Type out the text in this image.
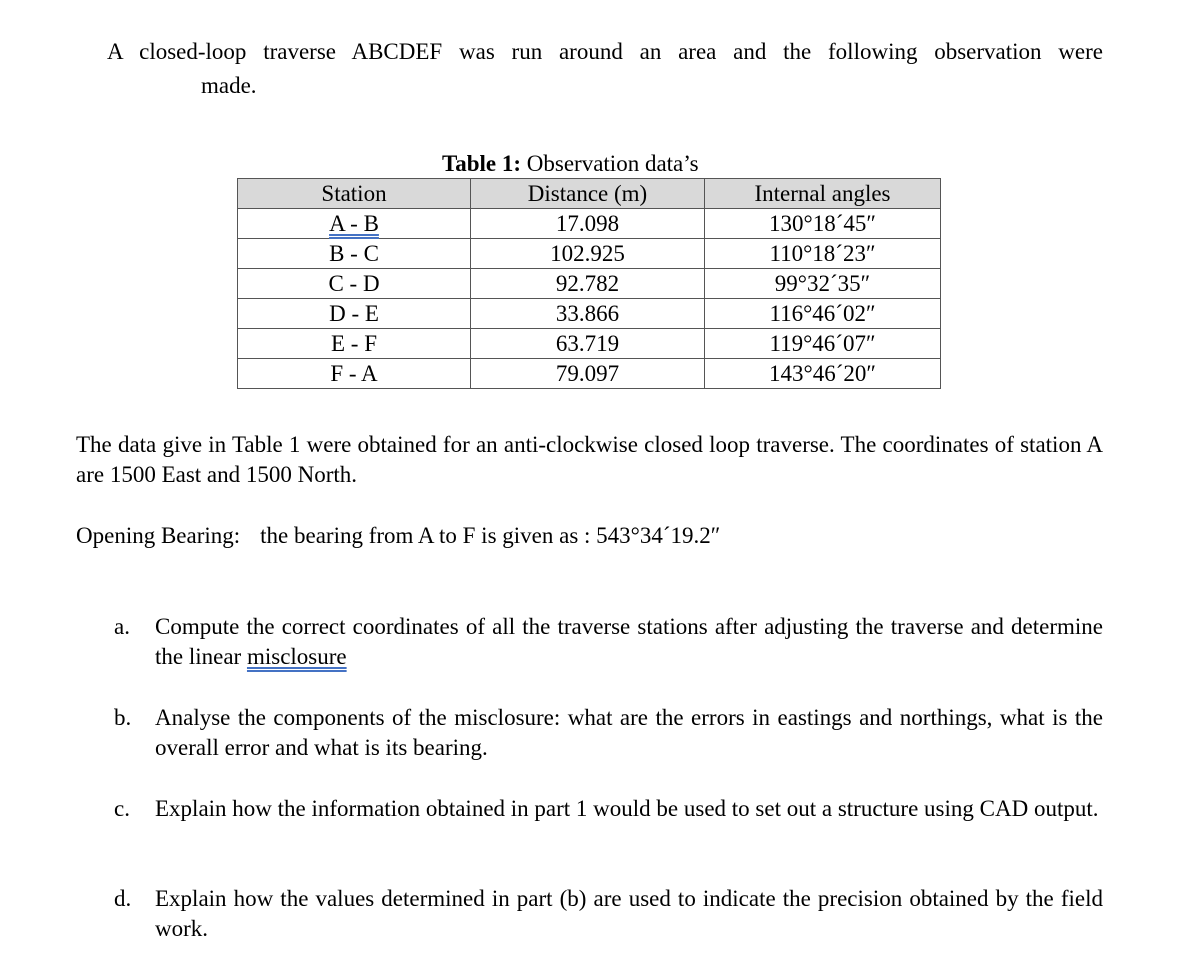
A closed-loop traverse ABCDEF was run around an area and the following observation were

made.

Table 1: Observation data’s

Station	Distance (m)	Internal angles
A - B	17.098	130°18´45″
B - C	102.925	110°18´23″
C - D	92.782	99°32´35″
D - E	33.866	116°46´02″
E - F	63.719	119°46´07″
F - A	79.097	143°46´20″

The data give in Table 1 were obtained for an anti-clockwise closed loop traverse. The coordinates of station A are 1500 East and 1500 North.

Opening Bearing: the bearing from A to F is given as : 543°34´19.2″

a. Compute the correct coordinates of all the traverse stations after adjusting the traverse and determine the linear misclosure
b. Analyse the components of the misclosure: what are the errors in eastings and northings, what is the overall error and what is its bearing.
c. Explain how the information obtained in part 1 would be used to set out a structure using CAD output.
d. Explain how the values determined in part (b) are used to indicate the precision obtained by the field work.
